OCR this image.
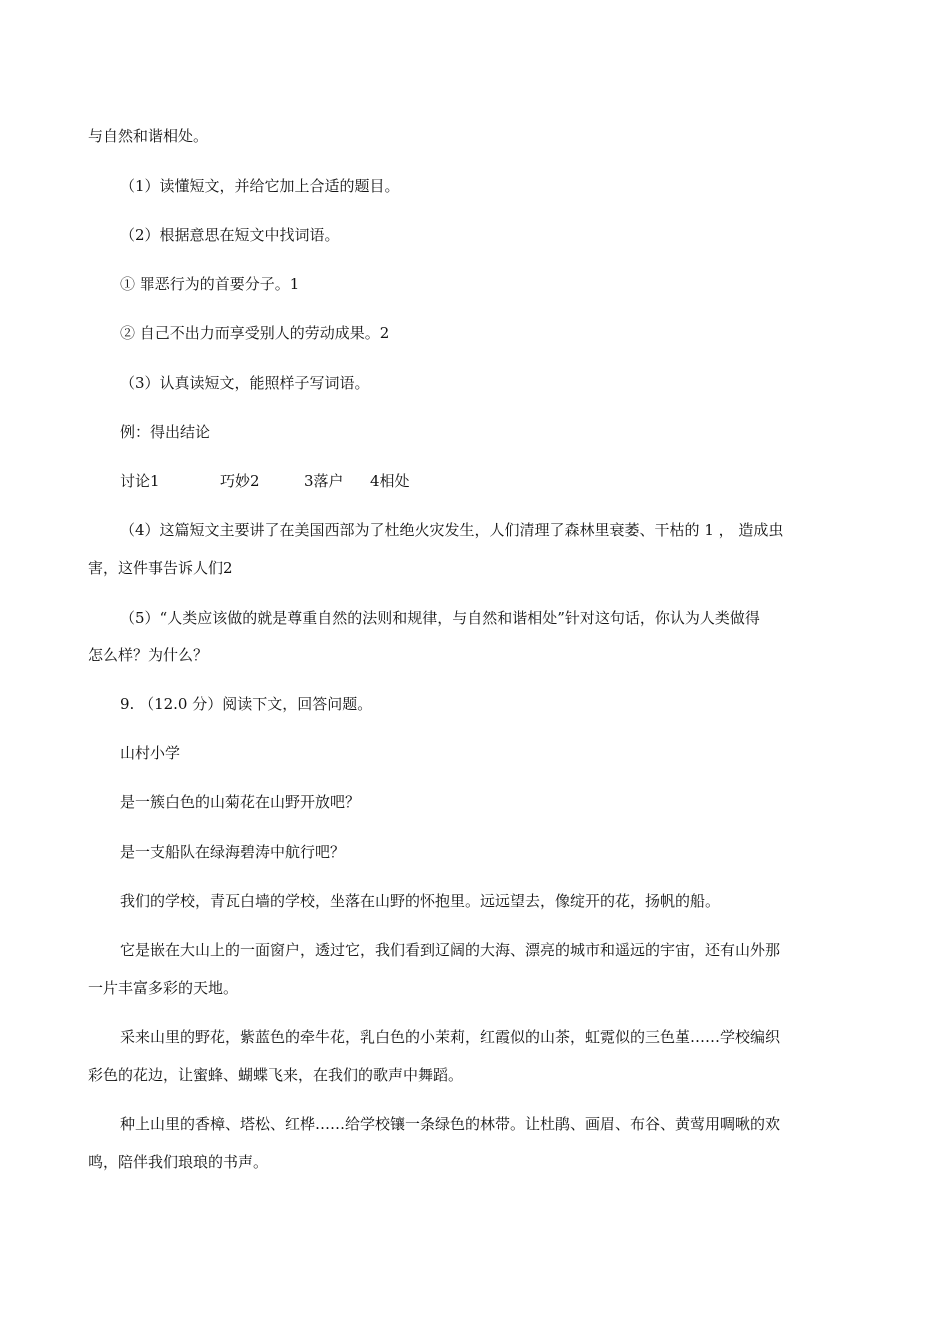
与自然和谐相处。
（1）读懂短文，并给它加上合适的题目。
（2）根据意思在短文中找词语。
① 罪恶行为的首要分子。1
② 自己不出力而享受别人的劳动成果。2
（3）认真读短文，能照样子写词语。
例：得出结论
讨论1	巧妙2	3落户 4相处
（4）这篇短文主要讲了在美国西部为了杜绝火灾发生，人们清理了森林里衰萎、干枯的 1 ， 造成虫
害，这件事告诉人们2
（5）“人类应该做的就是尊重自然的法则和规律，与自然和谐相处”针对这句话，你认为人类做得
怎么样？为什么？
9. （12.0 分）阅读下文，回答问题。
山村小学
是一簇白色的山菊花在山野开放吧？
是一支船队在绿海碧涛中航行吧？
我们的学校，青瓦白墙的学校，坐落在山野的怀抱里。远远望去，像绽开的花，扬帆的船。
它是嵌在大山上的一面窗户，透过它，我们看到辽阔的大海、漂亮的城市和遥远的宇宙，还有山外那
一片丰富多彩的天地。
采来山里的野花，紫蓝色的牵牛花，乳白色的小茉莉，红霞似的山茶，虹霓似的三色堇……学校编织
彩色的花边，让蜜蜂、蝴蝶飞来，在我们的歌声中舞蹈。
种上山里的香樟、塔松、红桦……给学校镶一条绿色的林带。让杜鹃、画眉、布谷、黄莺用啁啾的欢
鸣，陪伴我们琅琅的书声。
